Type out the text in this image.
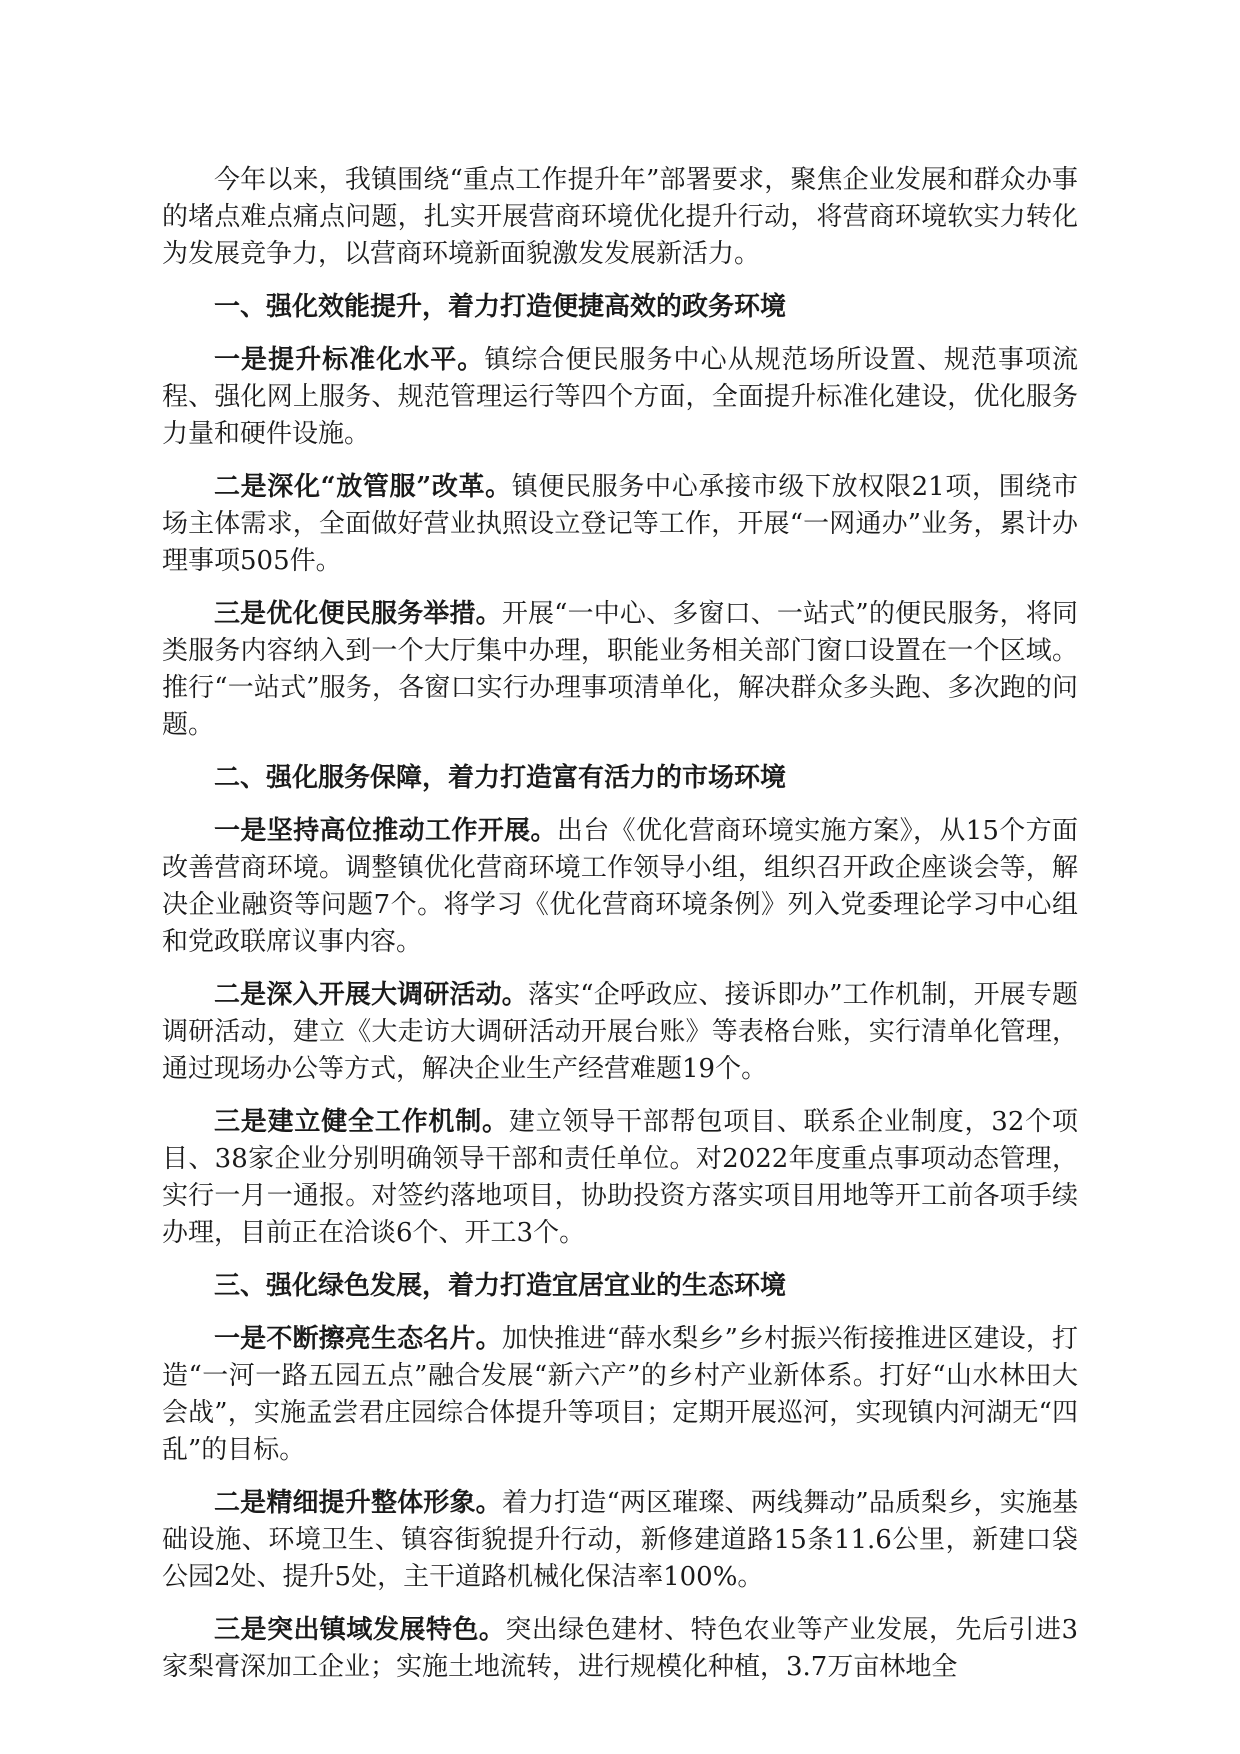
今年以来，我镇围绕“重点工作提升年”部署要求，聚焦企业发展和群众办事的堵点难点痛点问题，扎实开展营商环境优化提升行动，将营商环境软实力转化为发展竞争力，以营商环境新面貌激发发展新活力。

一、强化效能提升，着力打造便捷高效的政务环境

一是提升标准化水平。镇综合便民服务中心从规范场所设置、规范事项流程、强化网上服务、规范管理运行等四个方面，全面提升标准化建设，优化服务力量和硬件设施。

二是深化“放管服”改革。镇便民服务中心承接市级下放权限21项，围绕市场主体需求，全面做好营业执照设立登记等工作，开展“一网通办”业务，累计办理事项505件。

三是优化便民服务举措。开展“一中心、多窗口、一站式”的便民服务，将同类服务内容纳入到一个大厅集中办理，职能业务相关部门窗口设置在一个区域。推行“一站式”服务，各窗口实行办理事项清单化，解决群众多头跑、多次跑的问题。

二、强化服务保障，着力打造富有活力的市场环境

一是坚持高位推动工作开展。出台《优化营商环境实施方案》，从15个方面改善营商环境。调整镇优化营商环境工作领导小组，组织召开政企座谈会等，解决企业融资等问题7个。将学习《优化营商环境条例》列入党委理论学习中心组和党政联席议事内容。

二是深入开展大调研活动。落实“企呼政应、接诉即办”工作机制，开展专题调研活动，建立《大走访大调研活动开展台账》等表格台账，实行清单化管理，通过现场办公等方式，解决企业生产经营难题19个。

三是建立健全工作机制。建立领导干部帮包项目、联系企业制度，32个项目、38家企业分别明确领导干部和责任单位。对2022年度重点事项动态管理，实行一月一通报。对签约落地项目，协助投资方落实项目用地等开工前各项手续办理，目前正在洽谈6个、开工3个。

三、强化绿色发展，着力打造宜居宜业的生态环境

一是不断擦亮生态名片。加快推进“薛水梨乡”乡村振兴衔接推进区建设，打造“一河一路五园五点”融合发展“新六产”的乡村产业新体系。打好“山水林田大会战”，实施孟尝君庄园综合体提升等项目；定期开展巡河，实现镇内河湖无“四乱”的目标。

二是精细提升整体形象。着力打造“两区璀璨、两线舞动”品质梨乡，实施基础设施、环境卫生、镇容街貌提升行动，新修建道路15条11.6公里，新建口袋公园2处、提升5处，主干道路机械化保洁率100%。

三是突出镇域发展特色。突出绿色建材、特色农业等产业发展，先后引进3家梨膏深加工企业；实施土地流转，进行规模化种植，3.7万亩林地全
